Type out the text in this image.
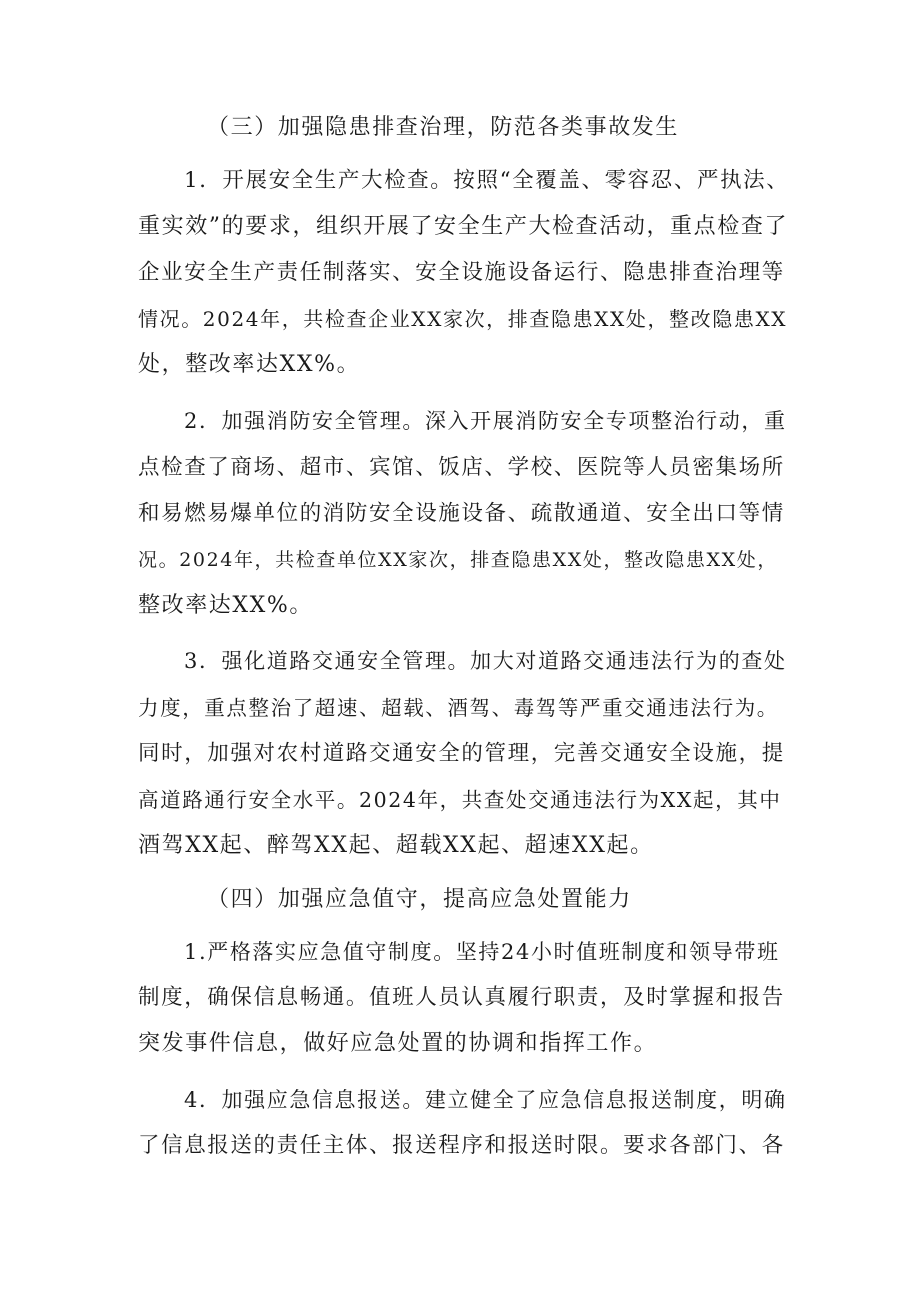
（三）加强隐患排查治理，防范各类事故发生
1．开展安全生产大检查。按照“全覆盖、零容忍、严执法、
重实效”的要求，组织开展了安全生产大检查活动，重点检查了
企业安全生产责任制落实、安全设施设备运行、隐患排查治理等
情况。2024年，共检查企业XX家次，排查隐患XX处，整改隐患XX
处，整改率达XX%。
2．加强消防安全管理。深入开展消防安全专项整治行动，重
点检查了商场、超市、宾馆、饭店、学校、医院等人员密集场所
和易燃易爆单位的消防安全设施设备、疏散通道、安全出口等情
况。2024年，共检查单位XX家次，排查隐患XX处，整改隐患XX处，
整改率达XX%。
3．强化道路交通安全管理。加大对道路交通违法行为的查处
力度，重点整治了超速、超载、酒驾、毒驾等严重交通违法行为。
同时，加强对农村道路交通安全的管理，完善交通安全设施，提
高道路通行安全水平。2024年，共查处交通违法行为XX起，其中
酒驾XX起、醉驾XX起、超载XX起、超速XX起。
（四）加强应急值守，提高应急处置能力
1.严格落实应急值守制度。坚持24小时值班制度和领导带班
制度，确保信息畅通。值班人员认真履行职责，及时掌握和报告
突发事件信息，做好应急处置的协调和指挥工作。
4．加强应急信息报送。建立健全了应急信息报送制度，明确
了信息报送的责任主体、报送程序和报送时限。要求各部门、各
